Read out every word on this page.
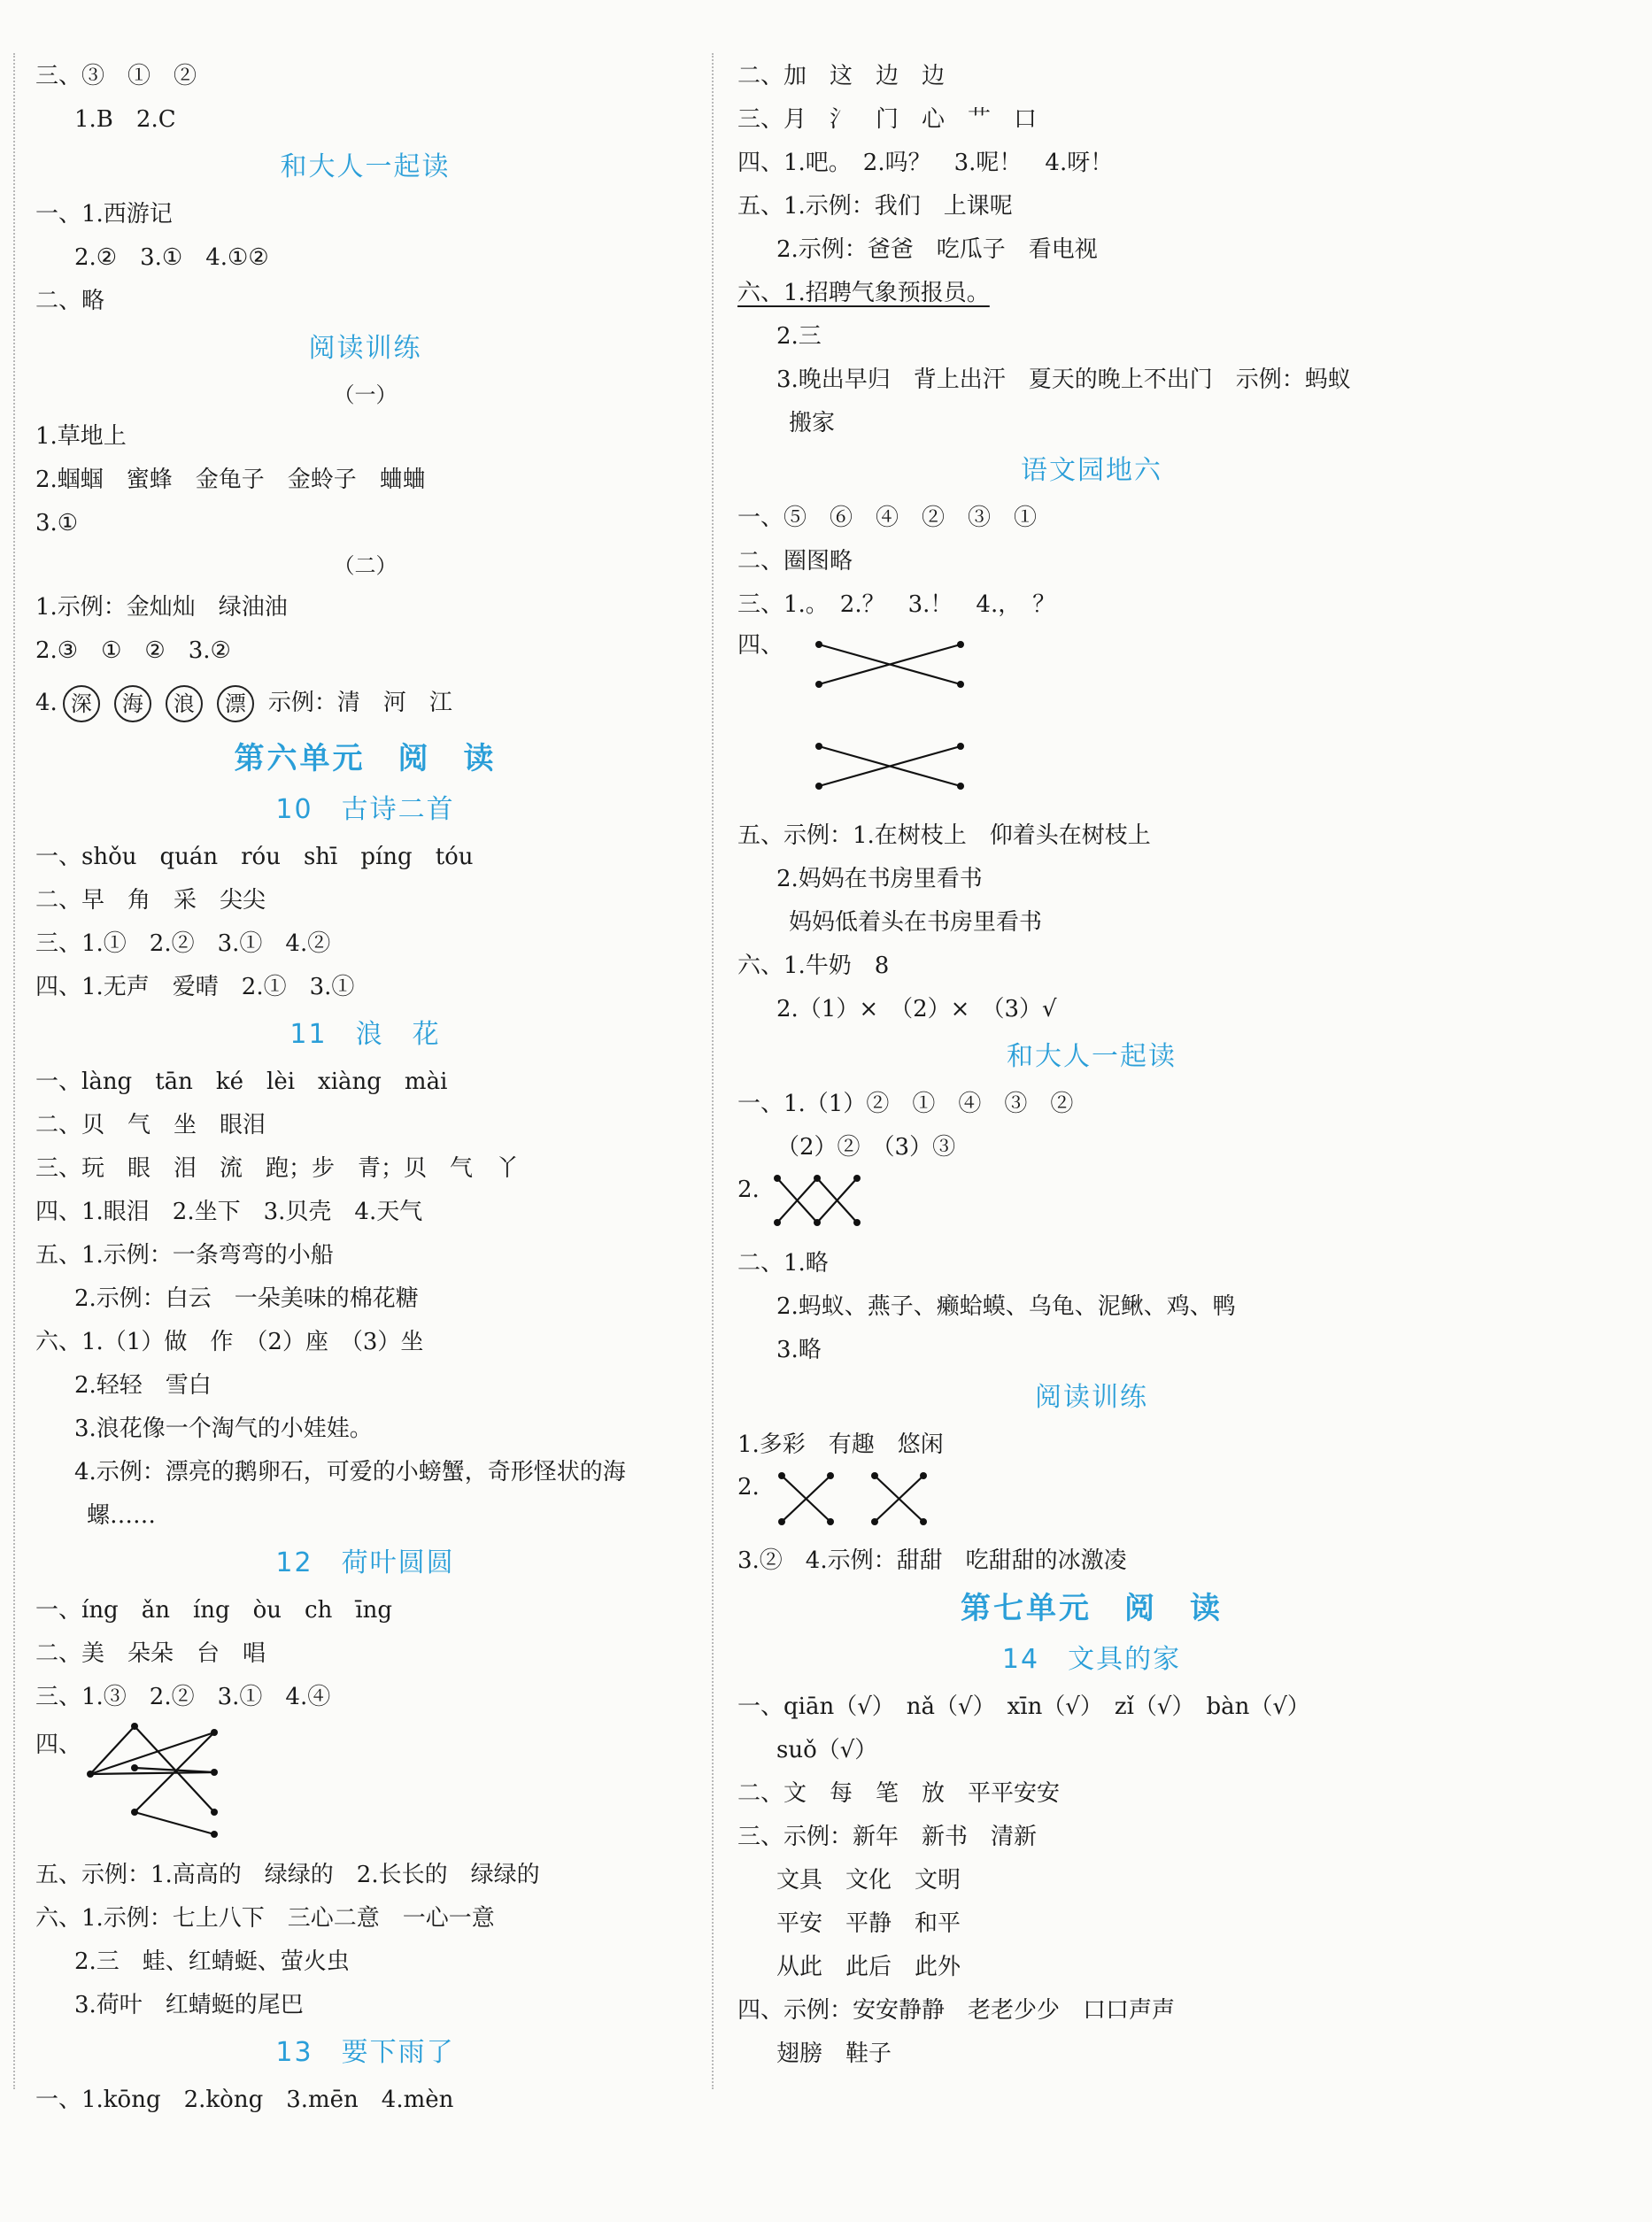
三、③　①　②
1.B　2.C
和大人一起读
一、1.西游记
2.②　3.①　4.①②
二、略
阅读训练
（一）
1.草地上
2.蝈蝈　蜜蜂　金龟子　金蛉子　蛐蛐
3.①
（二）
1.示例：金灿灿　绿油油
2.③　①　②　3.②
4. 深 海 浪 漂 示例：清　河　江
第六单元　阅　读
10　古诗二首
一、shǒu　quán　róu　shī　píng　tóu
二、早　角　采　尖尖
三、1.①　2.②　3.①　4.②
四、1.无声　爱晴　2.①　3.①
11　浪　花
一、làng　tān　ké　lèi　xiàng　mài
二、贝　气　坐　眼泪
三、玩　眼　泪　流　跑；步　青；贝　气　丫
四、1.眼泪　2.坐下　3.贝壳　4.天气
五、1.示例：一条弯弯的小船
2.示例：白云　一朵美味的棉花糖
六、1.（1）做　作　（2）座　（3）坐
2.轻轻　雪白
3.浪花像一个淘气的小娃娃。
4.示例：漂亮的鹅卵石，可爱的小螃蟹，奇形怪状的海
螺……
12　荷叶圆圆
一、íng　ǎn　íng　òu　ch　īng
二、美　朵朵　台　唱
三、1.③　2.②　3.①　4.④
四、
五、示例：1.高高的　绿绿的　2.长长的　绿绿的
六、1.示例：七上八下　三心二意　一心一意
2.三　蛙、红蜻蜓、萤火虫
3.荷叶　红蜻蜓的尾巴
13　要下雨了
一、1.kōng　2.kòng　3.mēn　4.mèn
二、加　这　边　边
三、月　氵　门　心　艹　口
四、1.吧。　2.吗？　3.呢！　4.呀！
五、1.示例：我们　上课呢
2.示例：爸爸　吃瓜子　看电视
六、1.招聘气象预报员。
2.三
3.晚出早归　背上出汗　夏天的晚上不出门　示例：蚂蚁
搬家
语文园地六
一、⑤　⑥　④　②　③　①
二、圈图略
三、1.。　2.？　3.！　4.，　？
四、
五、示例：1.在树枝上　仰着头在树枝上
2.妈妈在书房里看书
妈妈低着头在书房里看书
六、1.牛奶　8
2.（1）×　（2）×　（3）√
和大人一起读
一、1.（1）②　①　④　③　②
（2）②　（3）③
2.
二、1.略
2.蚂蚁、燕子、癞蛤蟆、乌龟、泥鳅、鸡、鸭
3.略
阅读训练
1.多彩　有趣　悠闲
2.
3.②　4.示例：甜甜　吃甜甜的冰激凌
第七单元　阅　读
14　文具的家
一、qiān（√）　nǎ（√）　xīn（√）　zǐ（√）　bàn（√）
suǒ（√）
二、文　每　笔　放　平平安安
三、示例：新年　新书　清新
文具　文化　文明
平安　平静　和平
从此　此后　此外
四、示例：安安静静　老老少少　口口声声
翅膀　鞋子
